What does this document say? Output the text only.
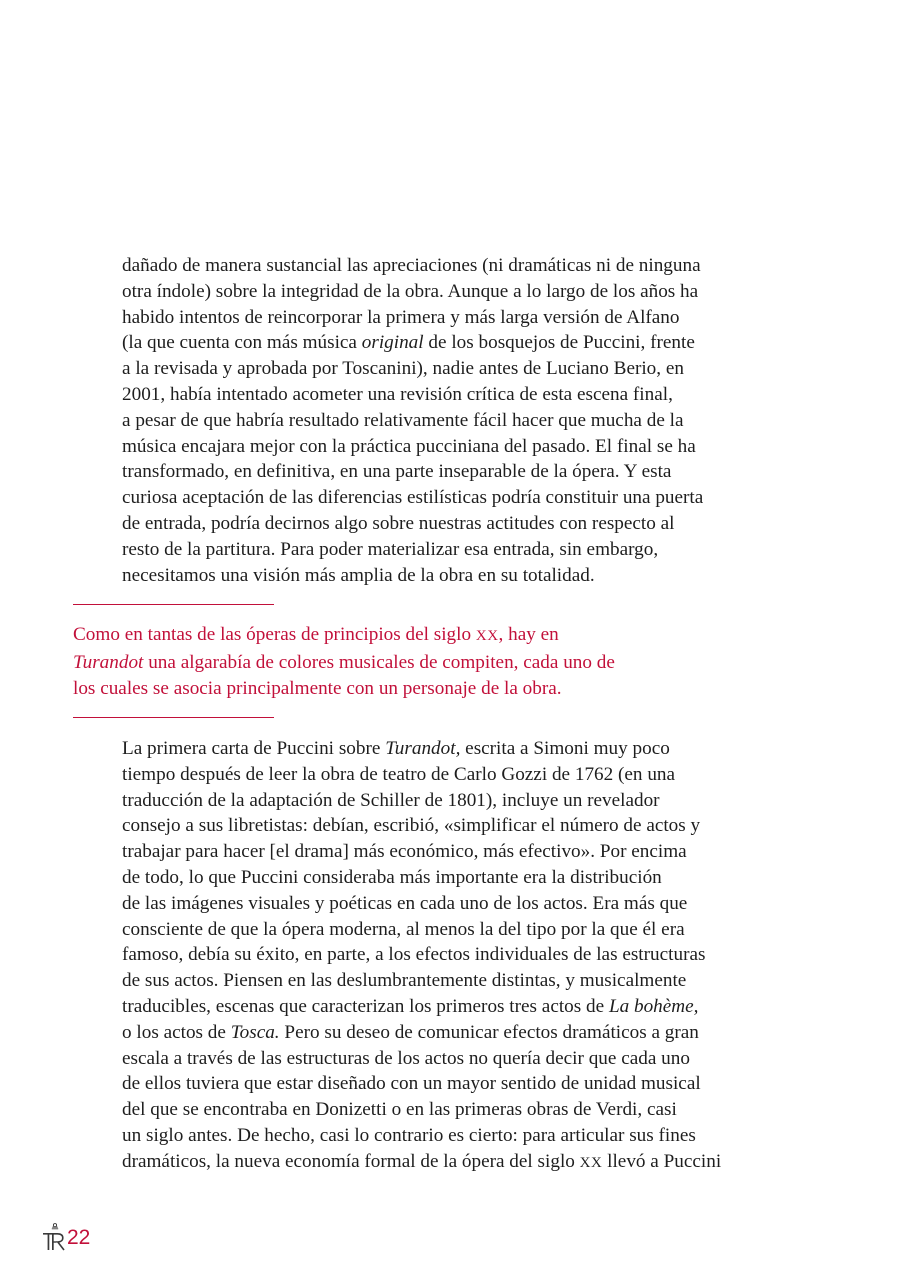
dañado de manera sustancial las apreciaciones (ni dramáticas ni de ninguna
otra índole) sobre la integridad de la obra. Aunque a lo largo de los años ha
habido intentos de reincorporar la primera y más larga versión de Alfano
(la que cuenta con más música original de los bosquejos de Puccini, frente
a la revisada y aprobada por Toscanini), nadie antes de Luciano Berio, en
2001, había intentado acometer una revisión crítica de esta escena final,
a pesar de que habría resultado relativamente fácil hacer que mucha de la
música encajara mejor con la práctica pucciniana del pasado. El final se ha
transformado, en definitiva, en una parte inseparable de la ópera. Y esta
curiosa aceptación de las diferencias estilísticas podría constituir una puerta
de entrada, podría decirnos algo sobre nuestras actitudes con respecto al
resto de la partitura. Para poder materializar esa entrada, sin embargo,
necesitamos una visión más amplia de la obra en su totalidad.
Como en tantas de las óperas de principios del siglo XX, hay en
Turandot una algarabía de colores musicales de compiten, cada uno de
los cuales se asocia principalmente con un personaje de la obra.
La primera carta de Puccini sobre Turandot, escrita a Simoni muy poco
tiempo después de leer la obra de teatro de Carlo Gozzi de 1762 (en una
traducción de la adaptación de Schiller de 1801), incluye un revelador
consejo a sus libretistas: debían, escribió, «simplificar el número de actos y
trabajar para hacer [el drama] más económico, más efectivo». Por encima
de todo, lo que Puccini consideraba más importante era la distribución
de las imágenes visuales y poéticas en cada uno de los actos. Era más que
consciente de que la ópera moderna, al menos la del tipo por la que él era
famoso, debía su éxito, en parte, a los efectos individuales de las estructuras
de sus actos. Piensen en las deslumbrantemente distintas, y musicalmente
traducibles, escenas que caracterizan los primeros tres actos de La bohème,
o los actos de Tosca. Pero su deseo de comunicar efectos dramáticos a gran
escala a través de las estructuras de los actos no quería decir que cada uno
de ellos tuviera que estar diseñado con un mayor sentido de unidad musical
del que se encontraba en Donizetti o en las primeras obras de Verdi, casi
un siglo antes. De hecho, casi lo contrario es cierto: para articular sus fines
dramáticos, la nueva economía formal de la ópera del siglo XX llevó a Puccini
22
